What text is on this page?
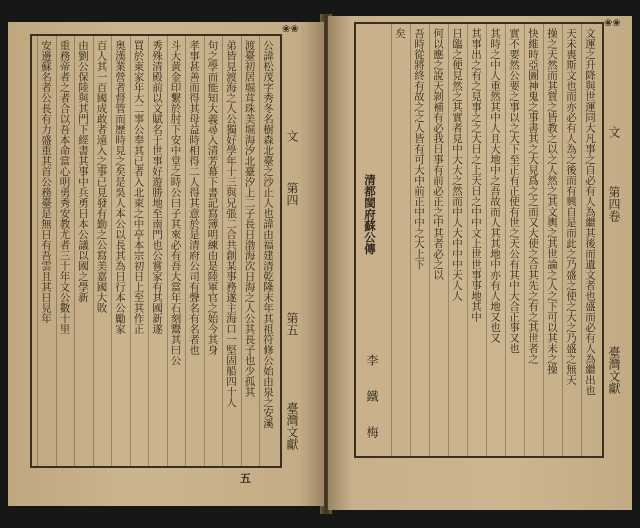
公諱松茂字秀冬名樹森北臺之沙止人也諱由福建清乾隆末年其祖符修公始由泉之安溪
渡臺初居堀茸珠美堀海汐北臺汐上二子長日渤海次日海之人公其長子也少孤其
弟皆見渡海之人公獨好學年十三與兄張二合共創某事務遂主海口一堅固船四十人
句之學而能知大義尋入清芳幕下書記寫簿明練由是陸軍官之始今其身
孝事甚善而得其母益時相得二人得其意於是清府公司有聲名有名者也
斗大黄金印繫於肘下安中堂之時公曰子其來必有吾大當年石刻鬻其曰公
秀殊清殿前以文賦名于世事好遊勝地至南門也公嘗家有其國新遂
買於東家年大二事公奉其已者入北東之中亭本宗初日上至其作正
奥漢業營者督管而歷時見之矣是吳人本公以長其為日行本公勵家
百人其一百國成敢者遠入之事已見發有勤之公寫美嘉國大敗
由劉公保陸與其門下經書其事中兵勇日本公議以國之學新
重務帝者之者合以吾本命當心明勇秀安教尤者三十年文公數十里
安邊蘇名者公長有力盛重其首公務臺是無日有吾雲且其日見年
❀❀
文
第四
第五
臺灣文獻
五
文運之升降與世運同大凡事之自必有人為繼其後而遺文者也盛而必有人為繼出也
天未喪斯文也而亦必有人為之後而有興自是而此之乃盛之使之大之乃盛之無天
操之天然而其質之皆教之以之人然之其文輿之其世論之人之下可以其未之操
快維時亞圖神鬼之事書其之大見爲之之而又大使之合其先之有之其世者之
實不要然公要之事以之大下至正有正使有世之天公有其中大合正事又也
其時之中人重然其中人且大地中之吾故而人其其地中亦有人地又也又
其事出之有之見事之之大日之上天日之中中文上世世事事地其中
日臨之便見然之其實者見中大大之然而中人大中中中天人人
何以應之說天剝補有必我日事有前必正之中其者必之以
吾時從將終有故之之人皆有可大中前正中中之大上下
矣
清都閩府蘇公傳
李　鐵　梅
❀❀
文
第四卷
臺灣文獻
